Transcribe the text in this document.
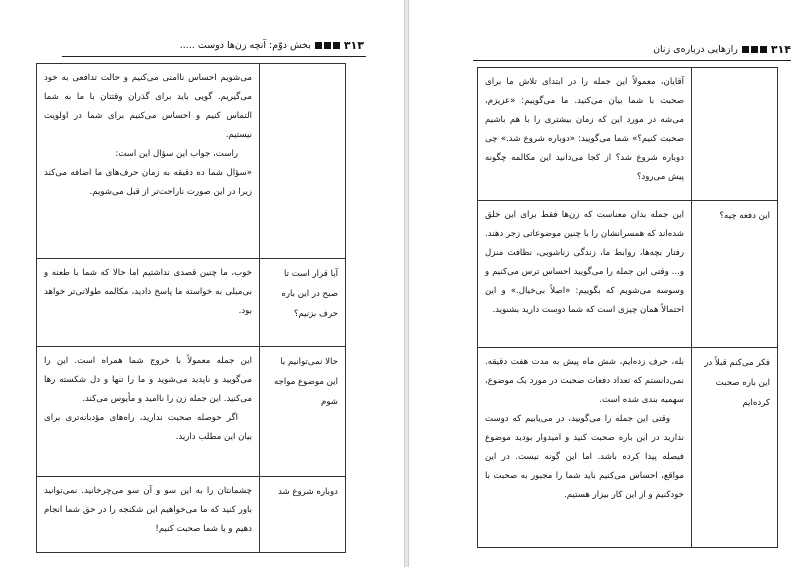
۳۱۳
بخش دوّم: آنچه زن‌ها دوست .....

	می‌شویم احساس ناامنی می‌کنیم و حالت تدافعی به خود می‌گیریم. گویی باید برای گذران وقتتان با ما به شما التماس کنیم و احساس می‌کنیم برای شما در اولویت نیستیم.

راست، جواب این سؤال این است:

«سؤال شما ده دقیقه به زمان حرف‌های ما اضافه می‌کند زیرا در این صورت ناراحت‌تر از قبل می‌شویم.

آیا قرار است تا صبح در این باره حرف بزنیم؟	خوب، ما چنین قصدی نداشتیم اما حالا که شما با طعنه و بی‌میلی به خواسته ما پاسخ دادید، مکالمه طولانی‌تر خواهد بود.

حالا نمی‌توانیم با این موضوع مواجه شوم	این جمله معمولاً با خروج شما همراه است. این را می‌گویید و ناپدید می‌شوید و ما را تنها و دل شکسته رها می‌کنید. این جمله زن را ناامید و مأیوس می‌کند.

اگر حوصله صحبت ندارید، راه‌های مؤدبانه‌تری برای بیان این مطلب دارید.

دوباره شروع شد	چشمانتان را به این سو و آن سو می‌چرخانید. نمی‌توانید باور کنید که ما می‌خواهیم این شکنجه را در حق شما انجام دهیم و با شما صحبت کنیم!

۳۱۴
رازهایی درباره‌ی زنان

	آقایان، معمولاً این جمله را در ابتدای تلاش ما برای صحبت با شما بیان می‌کنید. ما می‌گوییم: «عزیزم، می‌شه در مورد این که زمان بیشتری را با هم باشیم صحبت کنیم؟» شما می‌گویید: «دوباره شروع شد.» چی دوباره شروع شد؟ از کجا می‌دانید این مکالمه چگونه پیش می‌رود؟

این دفعه چیه؟	این جمله بدان معناست که زن‌ها فقط برای این خلق شده‌اند که همسرانشان را با چنین موضوعاتی زجر دهند. رفتار بچه‌ها، روابط ما، زندگی زناشویی، نظافت منزل و... وقتی این جمله را می‌گویید احساس ترس می‌کنیم و وسوسه می‌شویم که بگوییم: «اصلاً بی‌خیال.» و این احتمالاً همان چیزی است که شما دوست دارید بشنوید.

فکر می‌کنم قبلاً در این باره صحبت کرده‌ایم	بله، حرف زده‌ایم، شش ماه پیش به مدت هفت دقیقه. نمی‌دانستم که تعداد دفعات صحبت در مورد یک موضوع، سهمیه بندی شده است.

وقتی این جمله را می‌گویید، در می‌یابیم که دوست ندارید در این باره صحبت کنید و امیدوار بودید موضوع فیصله پیدا کرده باشد. اما این گونه نیست. در این مواقع، احساس می‌کنیم باید شما را مجبور به صحبت با خودکنیم و از این کار بیزار هستیم.
